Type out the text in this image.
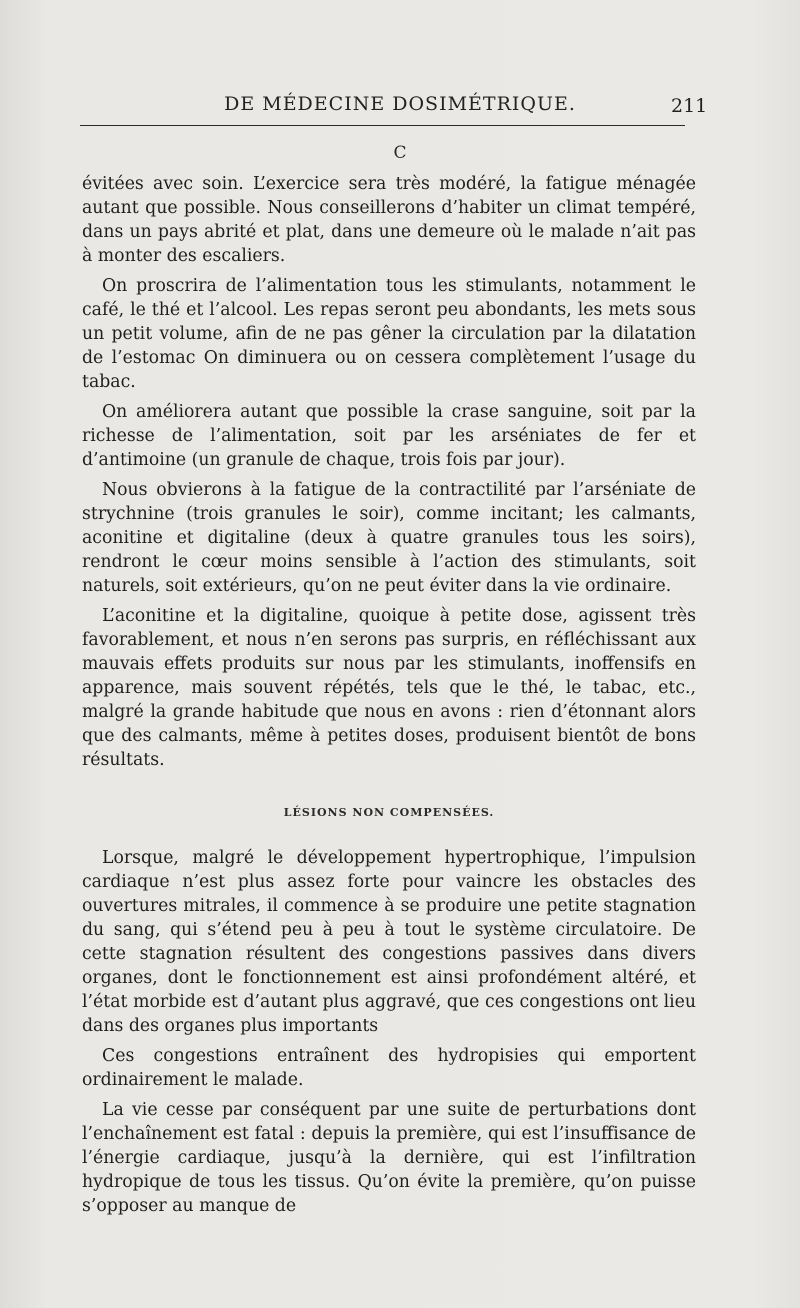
DE MÉDECINE DOSIMÉTRIQUE.	211
C

évitées avec soin. L’exercice sera très modéré, la fatigue ménagée autant que possible. Nous conseillerons d’habiter un climat tempéré, dans un pays abrité et plat, dans une demeure où le malade n’ait pas à monter des escaliers.

On proscrira de l’alimentation tous les stimulants, notamment le café, le thé et l’alcool. Les repas seront peu abondants, les mets sous un petit volume, afin de ne pas gêner la circulation par la dilatation de l’estomac On diminuera ou on cessera complètement l’usage du tabac.

On améliorera autant que possible la crase sanguine, soit par la richesse de l’alimentation, soit par les arséniates de fer et d’antimoine (un granule de chaque, trois fois par jour).

Nous obvierons à la fatigue de la contractilité par l’arséniate de strychnine (trois granules le soir), comme incitant; les calmants, aconitine et digitaline (deux à quatre granules tous les soirs), rendront le cœur moins sensible à l’action des stimulants, soit naturels, soit extérieurs, qu’on ne peut éviter dans la vie ordinaire.

L’aconitine et la digitaline, quoique à petite dose, agissent très favorablement, et nous n’en serons pas surpris, en réfléchissant aux mauvais effets produits sur nous par les stimulants, inoffensifs en apparence, mais souvent répétés, tels que le thé, le tabac, etc., malgré la grande habitude que nous en avons : rien d’étonnant alors que des calmants, même à petites doses, produisent bientôt de bons résultats.

LÉSIONS NON COMPENSÉES.

Lorsque, malgré le développement hypertrophique, l’impulsion cardiaque n’est plus assez forte pour vaincre les obstacles des ouvertures mitrales, il commence à se produire une petite stagnation du sang, qui s’étend peu à peu à tout le système circulatoire. De cette stagnation résultent des congestions passives dans divers organes, dont le fonctionnement est ainsi profondément altéré, et l’état morbide est d’autant plus aggravé, que ces congestions ont lieu dans des organes plus importants

Ces congestions entraînent des hydropisies qui emportent ordinairement le malade.

La vie cesse par conséquent par une suite de perturbations dont l’enchaînement est fatal : depuis la première, qui est l’insuffisance de l’énergie cardiaque, jusqu’à la dernière, qui est l’infiltration hydropique de tous les tissus. Qu’on évite la première, qu’on puisse s’opposer au manque de
